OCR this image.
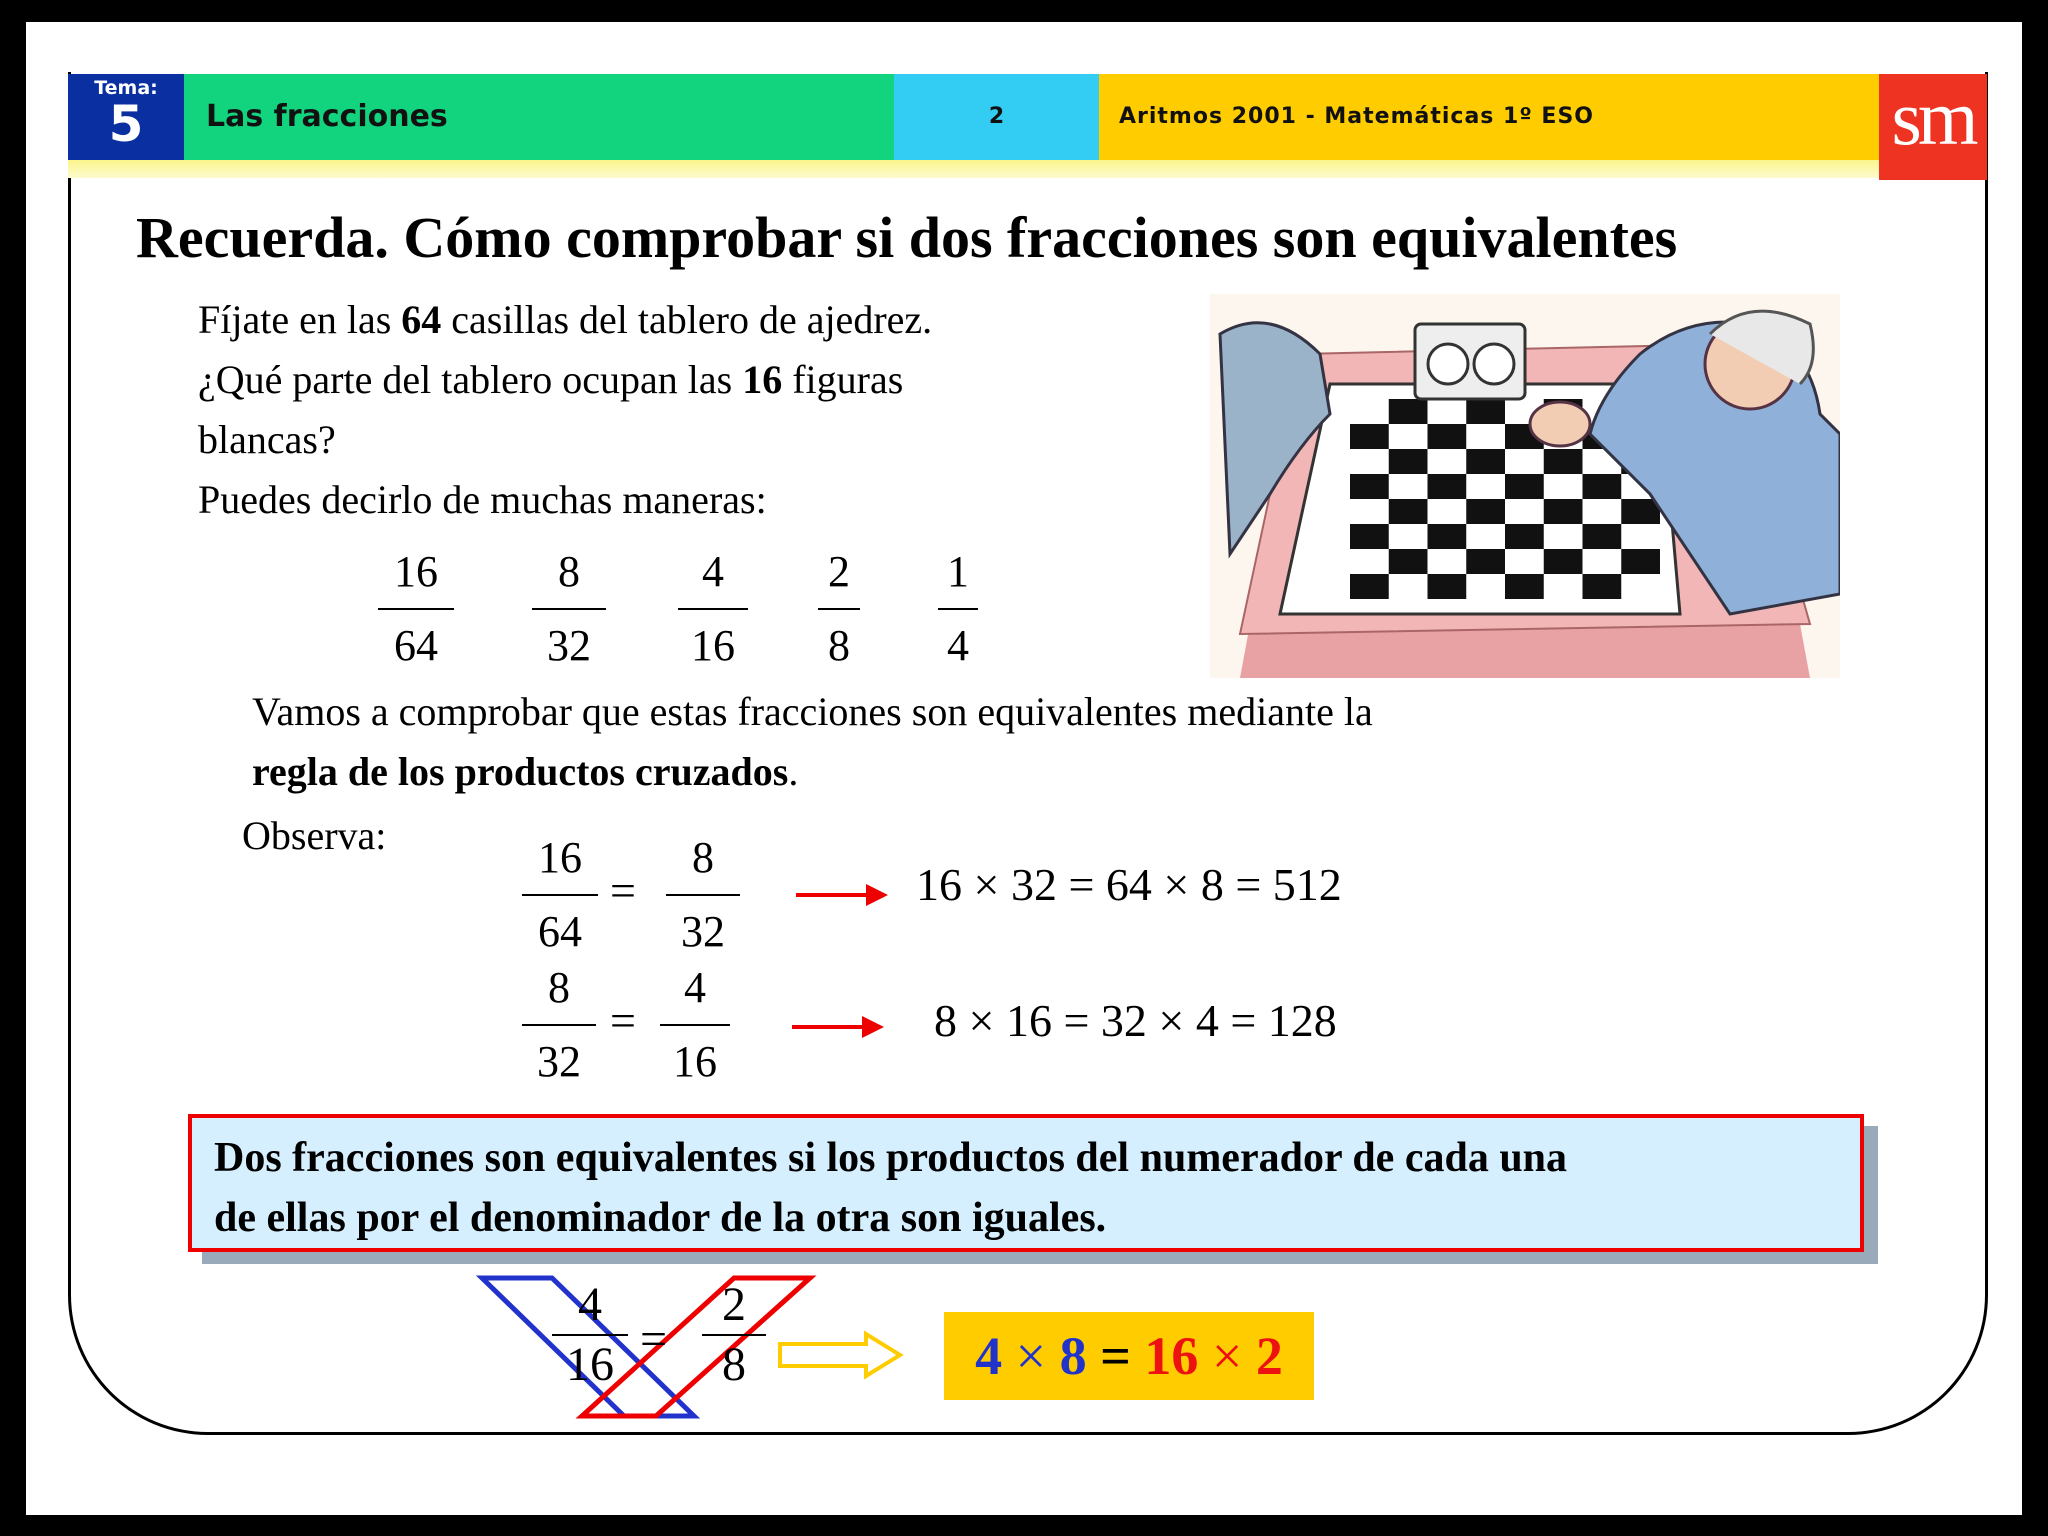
Tema:
5	Las fracciones	2	Aritmos 2001 - Matemáticas 1º ESO	sm
Recuerda. Cómo comprobar si dos fracciones son equivalentes
Fíjate en las 64 casillas del tablero de ajedrez.
¿Qué parte del tablero ocupan las 16 figuras
blancas?
Puedes decirlo de muchas maneras:
16
64
8
32
4
16
2
8
1
4
Vamos a comprobar que estas fracciones son equivalentes mediante la
regla de los productos cruzados.
Observa:	16
64
=
8
32
16 × 32 = 64 × 8 = 512
8
32
=
4
16
8 × 16 = 32 × 4 = 128
Dos fracciones son equivalentes si los productos del numerador de cada una
de ellas por el denominador de la otra son iguales.
4
16 =
2
8	4 × 8 = 16 × 2
